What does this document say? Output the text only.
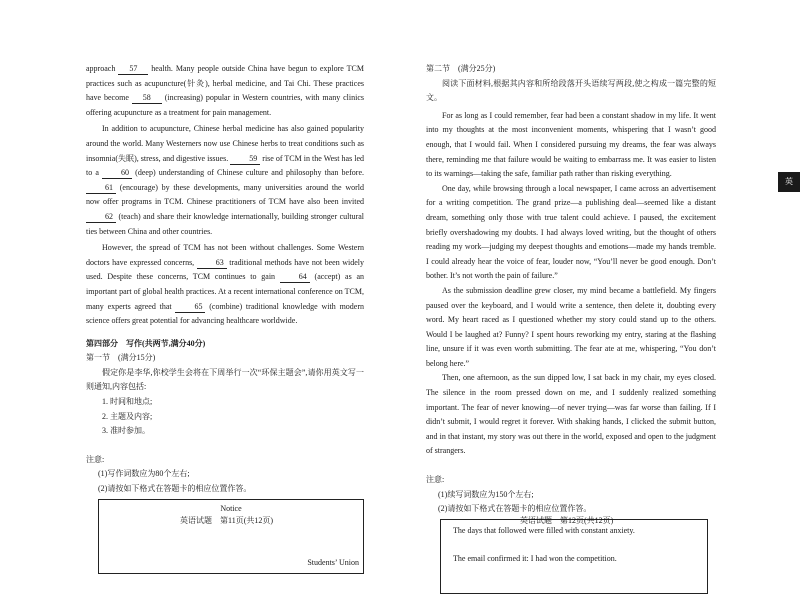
approach 57 health. Many people outside China have begun to explore TCM practices such as acupuncture(针灸), herbal medicine, and Tai Chi. These practices have become 58 (increasing) popular in Western countries, with many clinics offering acupuncture as a treatment for pain management.

In addition to acupuncture, Chinese herbal medicine has also gained popularity around the world. Many Westerners now use Chinese herbs to treat conditions such as insomnia(失眠), stress, and digestive issues. 59 rise of TCM in the West has led to a 60 (deep) understanding of Chinese culture and philosophy than before. 61 (encourage) by these developments, many universities around the world now offer programs in TCM. Chinese practitioners of TCM have also been invited 62 (teach) and share their knowledge internationally, building stronger cultural ties between China and other countries.

However, the spread of TCM has not been without challenges. Some Western doctors have expressed concerns, 63 traditional methods have not been widely used. Despite these concerns, TCM continues to gain 64 (accept) as an important part of global health practices. At a recent international conference on TCM, many experts agreed that 65 (combine) traditional knowledge with modern science offers great potential for advancing healthcare worldwide.

第四部分　写作(共两节,满分40分)

第一节　(满分15分)

假定你是李华,你校学生会将在下周举行一次“环保主题会”,请你用英文写一则通知,内容包括:

1. 时间和地点;

2. 主题及内容;

3. 准时参加。

注意:

(1)写作词数应为80个左右;

(2)请按如下格式在答题卡的相应位置作答。

Notice
Students’ Union

第二节　(满分25分)

阅读下面材料,根据其内容和所给段落开头语续写两段,使之构成一篇完整的短文。

For as long as I could remember, fear had been a constant shadow in my life. It went into my thoughts at the most inconvenient moments, whispering that I wasn’t good enough, that I would fail. When I considered pursuing my dreams, the fear was always there, reminding me that failure would be waiting to embarrass me. It was easier to listen to its warnings—taking the safe, familiar path rather than risking everything.

One day, while browsing through a local newspaper, I came across an advertisement for a writing competition. The grand prize—a publishing deal—seemed like a distant dream, something only those with true talent could achieve. I paused, the excitement briefly overshadowing my doubts. I had always loved writing, but the thought of others reading my work—judging my deepest thoughts and emotions—made my hands tremble. I could already hear the voice of fear, louder now, “You’ll never be good enough. Don’t bother. It’s not worth the pain of failure.”

As the submission deadline grew closer, my mind became a battlefield. My fingers paused over the keyboard, and I would write a sentence, then delete it, doubting every word. My heart raced as I questioned whether my story could stand up to the others. Would I be laughed at? Funny? I spent hours reworking my entry, staring at the flashing line, unsure if it was even worth submitting. The fear ate at me, whispering, “You don’t belong here.”

Then, one afternoon, as the sun dipped low, I sat back in my chair, my eyes closed. The silence in the room pressed down on me, and I suddenly realized something important. The fear of never knowing—of never trying—was far worse than failing. If I didn’t submit, I would regret it forever. With shaking hands, I clicked the submit button, and in that instant, my story was out there in the world, exposed and open to the judgment of strangers.

注意:

(1)续写词数应为150个左右;

(2)请按如下格式在答题卡的相应位置作答。

The days that followed were filled with constant anxiety.
The email confirmed it: I had won the competition.
英语试题　第11页(共12页)	英语试题　第12页(共12页)
英
